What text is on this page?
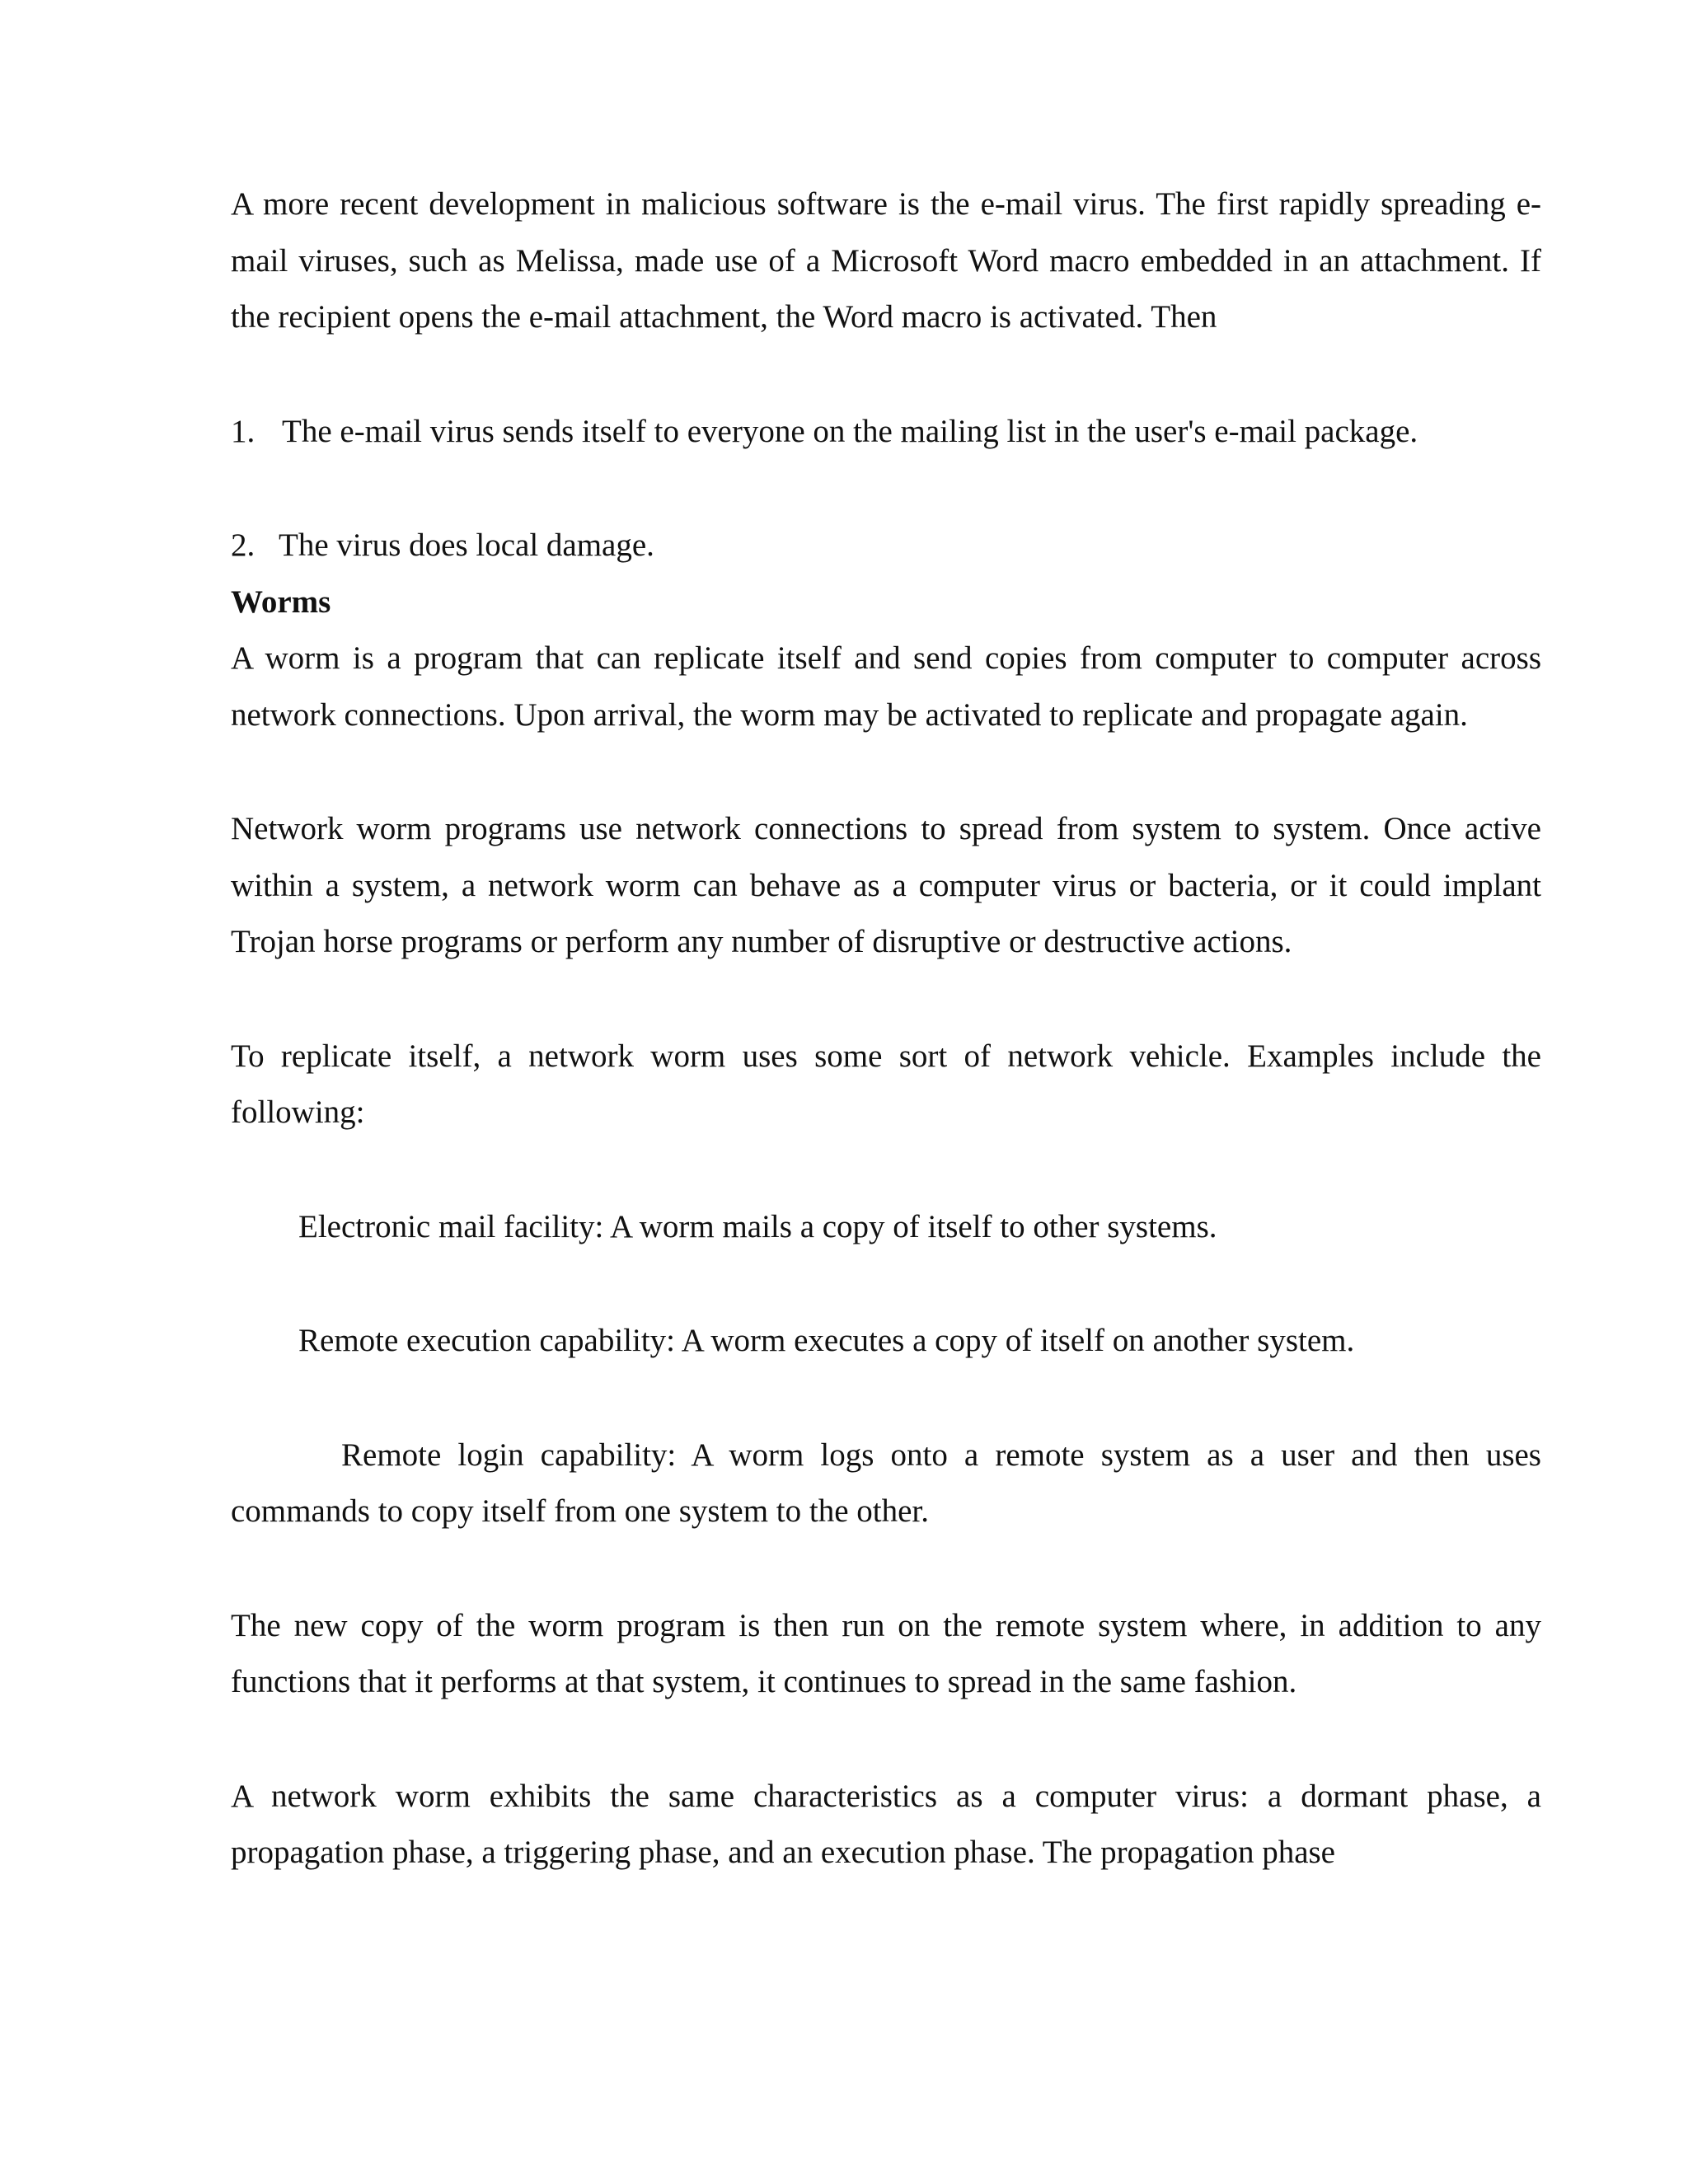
A more recent development in malicious software is the e-mail virus. The first rapidly spreading e-mail viruses, such as Melissa, made use of a Microsoft Word macro embedded in an attachment. If the recipient opens the e-mail attachment, the Word macro is activated. Then

1. The e-mail virus sends itself to everyone on the mailing list in the user's e-mail package.

2. The virus does local damage.

Worms

A worm is a program that can replicate itself and send copies from computer to computer across network connections. Upon arrival, the worm may be activated to replicate and propagate again.

Network worm programs use network connections to spread from system to system. Once active within a system, a network worm can behave as a computer virus or bacteria, or it could implant Trojan horse programs or perform any number of disruptive or destructive actions.

To replicate itself, a network worm uses some sort of network vehicle. Examples include the following:

Electronic mail facility: A worm mails a copy of itself to other systems.

Remote execution capability: A worm executes a copy of itself on another system.

Remote login capability: A worm logs onto a remote system as a user and then uses commands to copy itself from one system to the other.

The new copy of the worm program is then run on the remote system where, in addition to any functions that it performs at that system, it continues to spread in the same fashion.

A network worm exhibits the same characteristics as a computer virus: a dormant phase, a propagation phase, a triggering phase, and an execution phase. The propagation phase
